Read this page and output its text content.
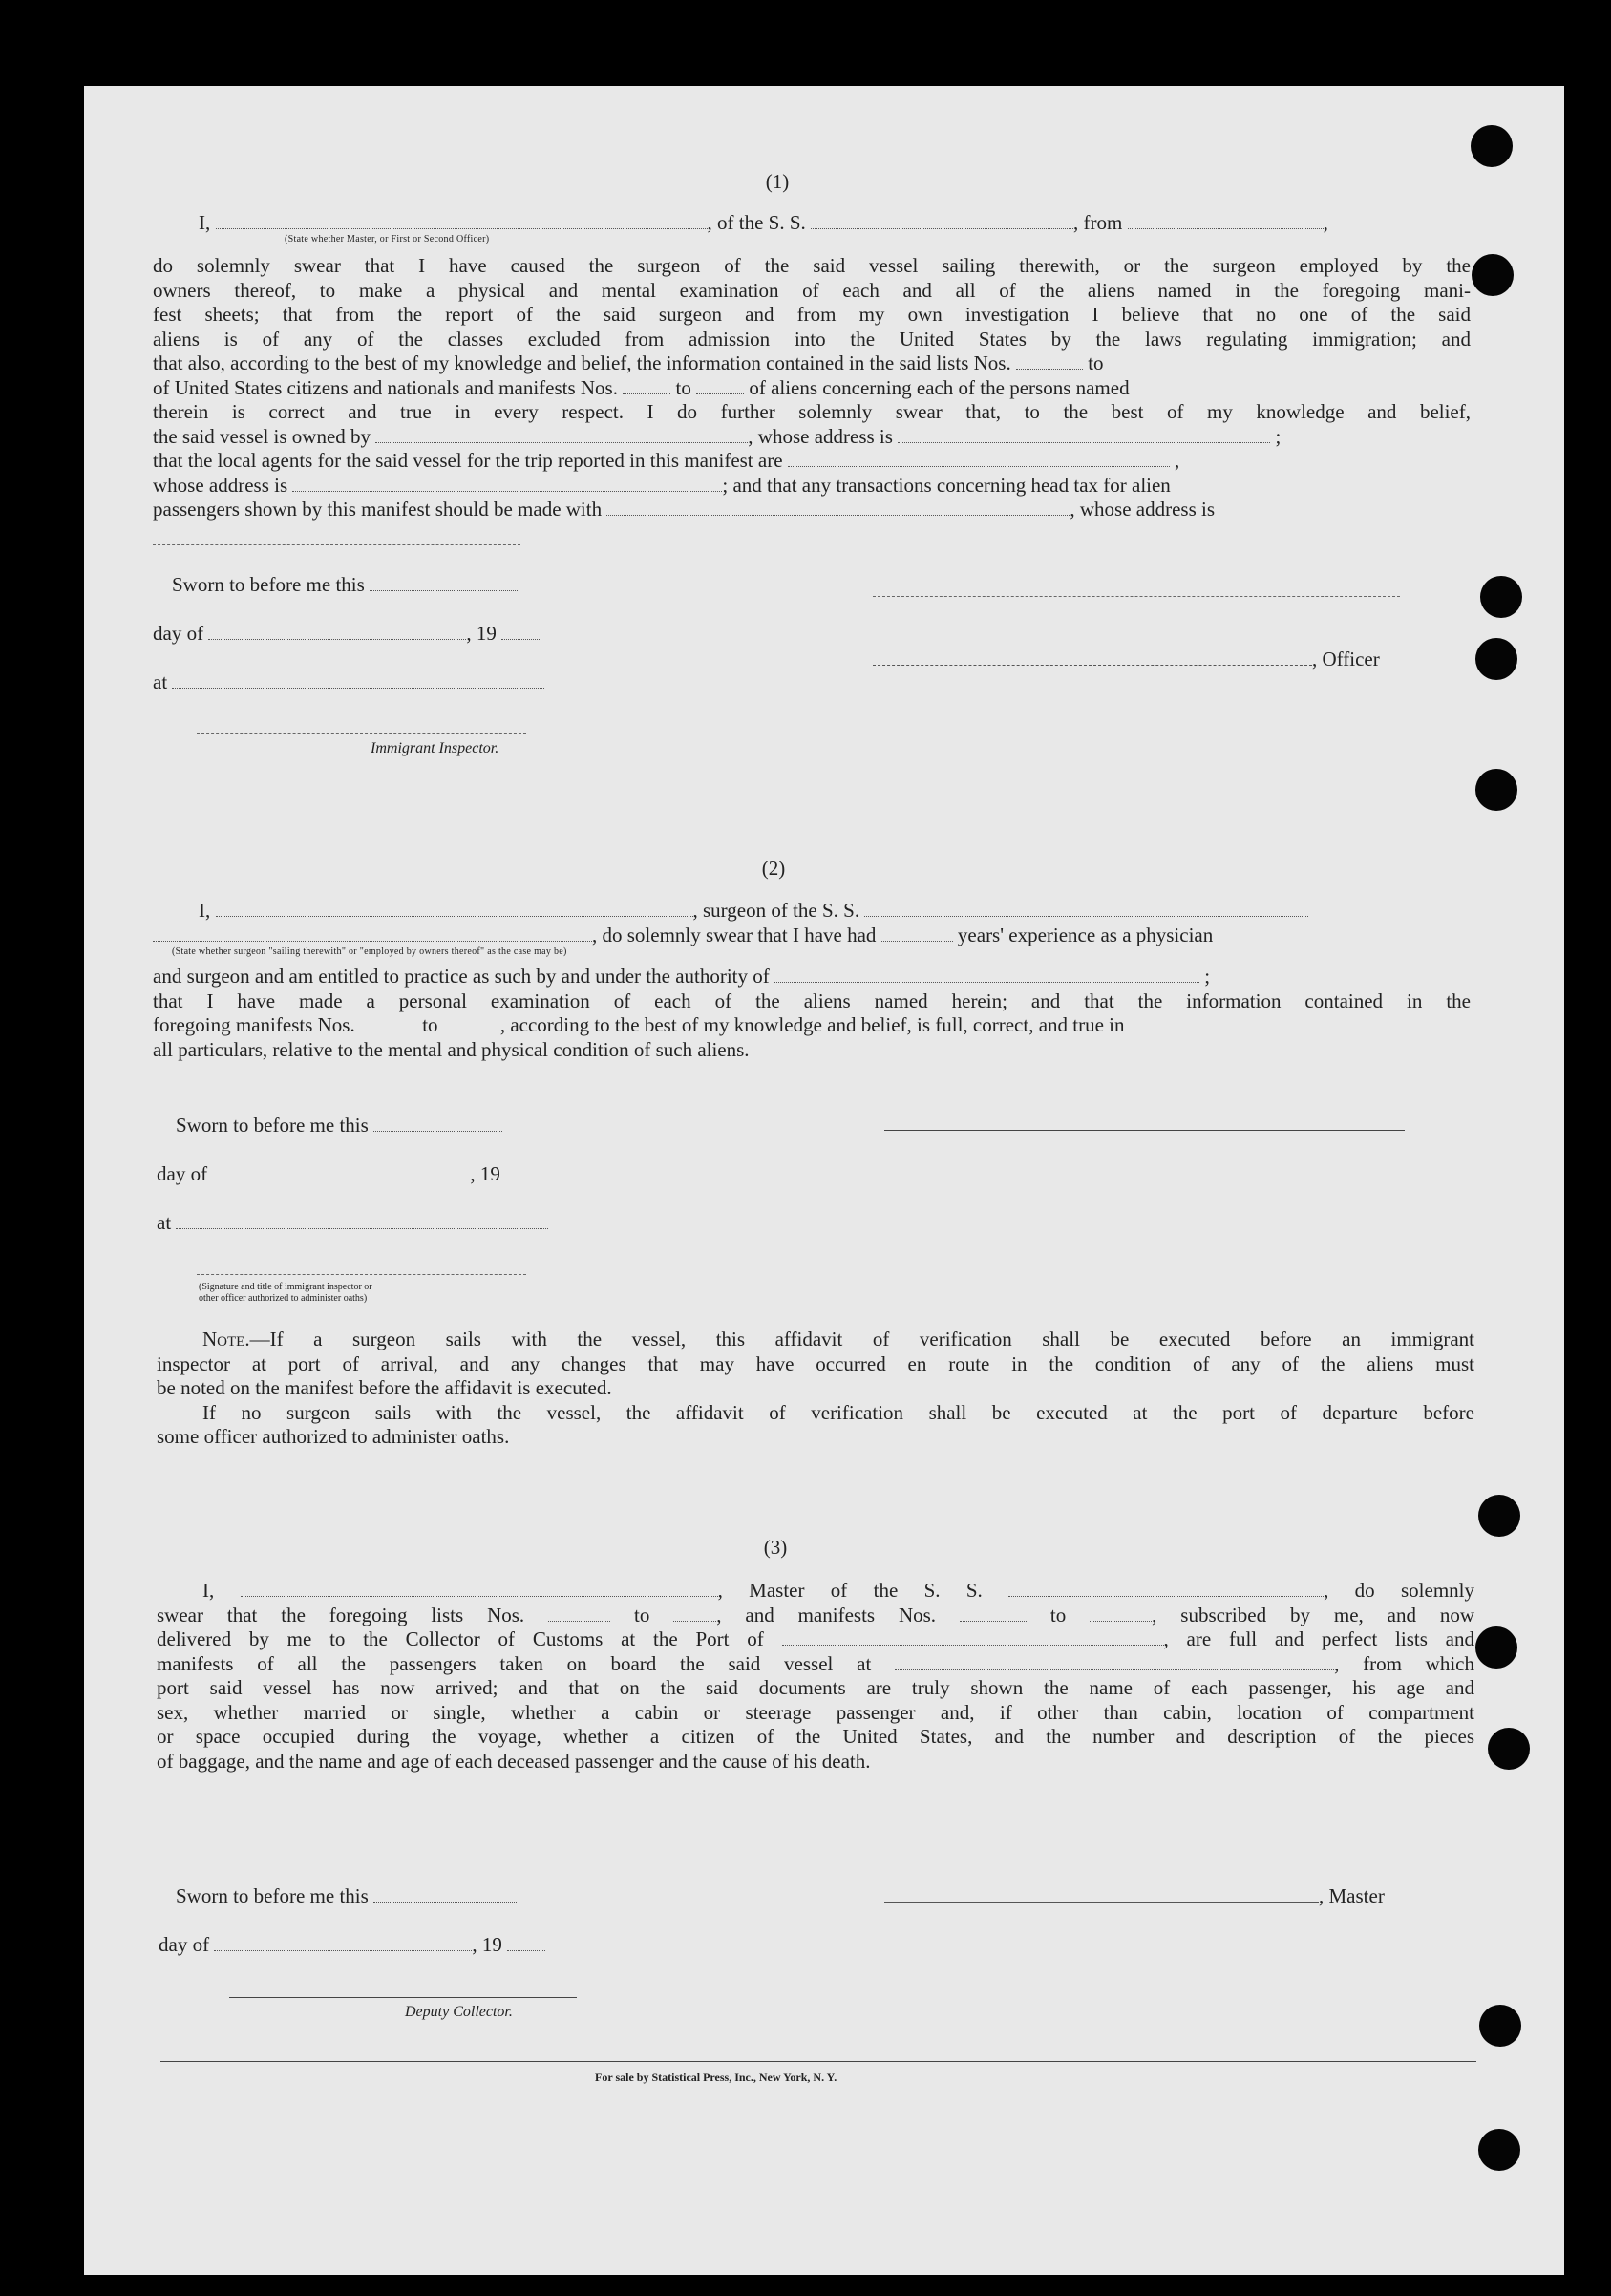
(1)
I,	, of the S. S.	, from	,
(State whether Master, or First or Second Officer)
do solemnly swear that I have caused the surgeon of the said vessel sailing therewith, or the surgeon employed by the
owners thereof, to make a physical and mental examination of each and all of the aliens named in the foregoing mani-
fest sheets; that from the report of the said surgeon and from my own investigation I believe that no one of the said
aliens is of any of the classes excluded from admission into the United States by the laws regulating immigration; and
that also, according to the best of my knowledge and belief, the information contained in the said lists Nos.	to
of United States citizens and nationals and manifests Nos.	to	of aliens concerning each of the persons named
therein is correct and true in every respect. I do further solemnly swear that, to the best of my knowledge and belief,
the said vessel is owned by	, whose address is	;
that the local agents for the said vessel for the trip reported in this manifest are	,
whose address is	; and that any transactions concerning head tax for alien
passengers shown by this manifest should be made with	, whose address is
Sworn to before me this
day of	, 19
at
Immigrant Inspector.
, Officer
(2)
I,	, surgeon of the S. S.
, do solemnly swear that I have had	years' experience as a physician
(State whether surgeon "sailing therewith" or "employed by owners thereof" as the case may be)
and surgeon and am entitled to practice as such by and under the authority of	;
that I have made a personal examination of each of the aliens named herein; and that the information contained in the
foregoing manifests Nos.	to	, according to the best of my knowledge and belief, is full, correct, and true in
all particulars, relative to the mental and physical condition of such aliens.
Sworn to before me this
day of	, 19
at
(Signature and title of immigrant inspector or
other officer authorized to administer oaths)
Note.—If a surgeon sails with the vessel, this affidavit of verification shall be executed before an immigrant
inspector at port of arrival, and any changes that may have occurred en route in the condition of any of the aliens must
be noted on the manifest before the affidavit is executed.
If no surgeon sails with the vessel, the affidavit of verification shall be executed at the port of departure before
some officer authorized to administer oaths.
(3)
I,	, Master of the S. S.	, do solemnly
swear that the foregoing lists Nos.	to	, and manifests Nos.	to	, subscribed by me, and now
delivered by me to the Collector of Customs at the Port of	, are full and perfect lists and
manifests of all the passengers taken on board the said vessel at	, from which
port said vessel has now arrived; and that on the said documents are truly shown the name of each passenger, his age and
sex, whether married or single, whether a cabin or steerage passenger and, if other than cabin, location of compartment
or space occupied during the voyage, whether a citizen of the United States, and the number and description of the pieces
of baggage, and the name and age of each deceased passenger and the cause of his death.
Sworn to before me this	, Master
day of	, 19
Deputy Collector.
For sale by Statistical Press, Inc., New York, N. Y.
